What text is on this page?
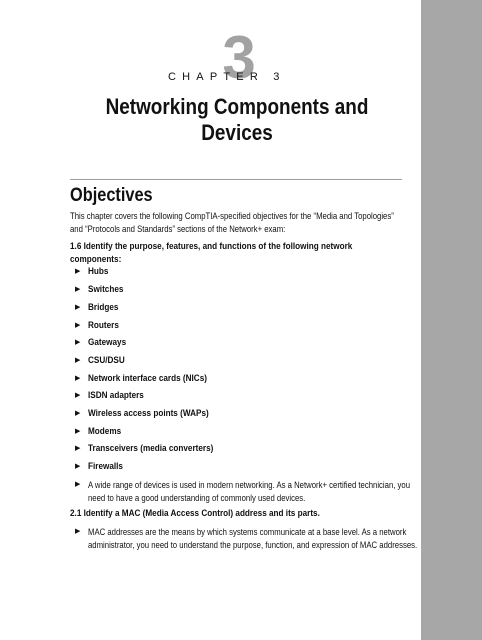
3
CHAPTER 3
Networking Components and Devices
Objectives
This chapter covers the following CompTIA-specified objectives for the “Media and Topologies” and “Protocols and Standards” sections of the Network+ exam:
1.6 Identify the purpose, features, and functions of the following network components:
▶ Hubs
▶ Switches
▶ Bridges
▶ Routers
▶ Gateways
▶ CSU/DSU
▶ Network interface cards (NICs)
▶ ISDN adapters
▶ Wireless access points (WAPs)
▶ Modems
▶ Transceivers (media converters)
▶ Firewalls
▶ A wide range of devices is used in modern networking. As a Network+ certified technician, you need to have a good understanding of commonly used devices.
2.1 Identify a MAC (Media Access Control) address and its parts.
▶ MAC addresses are the means by which systems communicate at a base level. As a network administrator, you need to understand the purpose, function, and expression of MAC addresses.
